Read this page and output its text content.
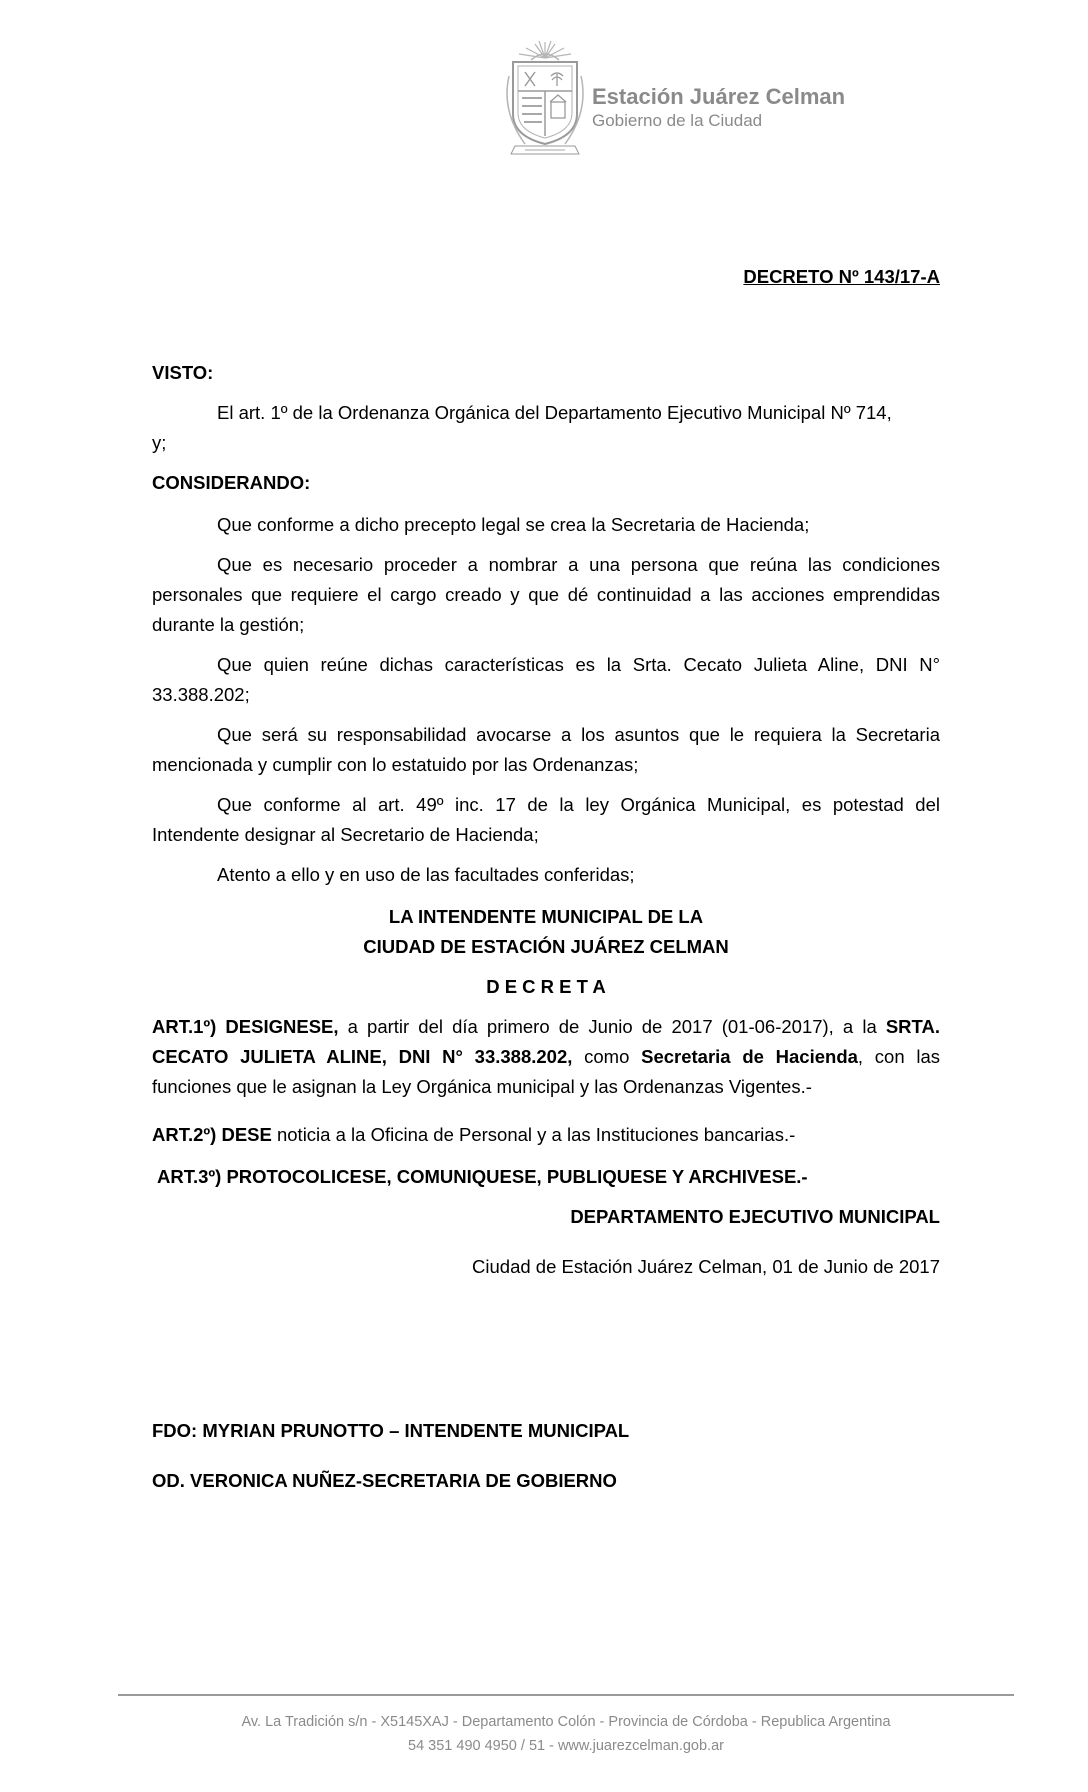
Estación Juárez Celman
Gobierno de la Ciudad
DECRETO Nº 143/17-A
VISTO:
El art. 1º de la Ordenanza Orgánica del Departamento Ejecutivo Municipal Nº 714,
y;
CONSIDERANDO:
Que conforme a dicho precepto legal se crea la Secretaria de Hacienda;
Que es necesario proceder a nombrar a una persona que reúna las condiciones personales que requiere el cargo creado y que dé continuidad a las acciones emprendidas durante la gestión;
Que quien reúne dichas características es la Srta. Cecato Julieta Aline, DNI N° 33.388.202;
Que será su responsabilidad avocarse a los asuntos que le requiera la Secretaria mencionada y cumplir con lo estatuido por las Ordenanzas;
Que conforme al art. 49º inc. 17 de la ley Orgánica Municipal, es potestad del Intendente designar al Secretario de Hacienda;
Atento a ello y en uso de las facultades conferidas;
LA INTENDENTE MUNICIPAL DE LA
CIUDAD DE ESTACIÓN JUÁREZ CELMAN
D E C R E T A
ART.1º) DESIGNESE, a partir del día primero de Junio de 2017 (01-06-2017), a la SRTA. CECATO JULIETA ALINE, DNI N° 33.388.202, como Secretaria de Hacienda, con las funciones que le asignan la Ley Orgánica municipal y las Ordenanzas Vigentes.-
ART.2º) DESE noticia a la Oficina de Personal y a las Instituciones bancarias.-
ART.3º) PROTOCOLICESE, COMUNIQUESE, PUBLIQUESE Y ARCHIVESE.-
DEPARTAMENTO EJECUTIVO MUNICIPAL
Ciudad de Estación Juárez Celman, 01 de Junio de 2017
FDO: MYRIAN PRUNOTTO – INTENDENTE MUNICIPAL
OD. VERONICA NUÑEZ-SECRETARIA DE GOBIERNO
Av. La Tradición s/n - X5145XAJ - Departamento Colón - Provincia de Córdoba - Republica Argentina
54 351 490 4950 / 51 - www.juarezcelman.gob.ar
